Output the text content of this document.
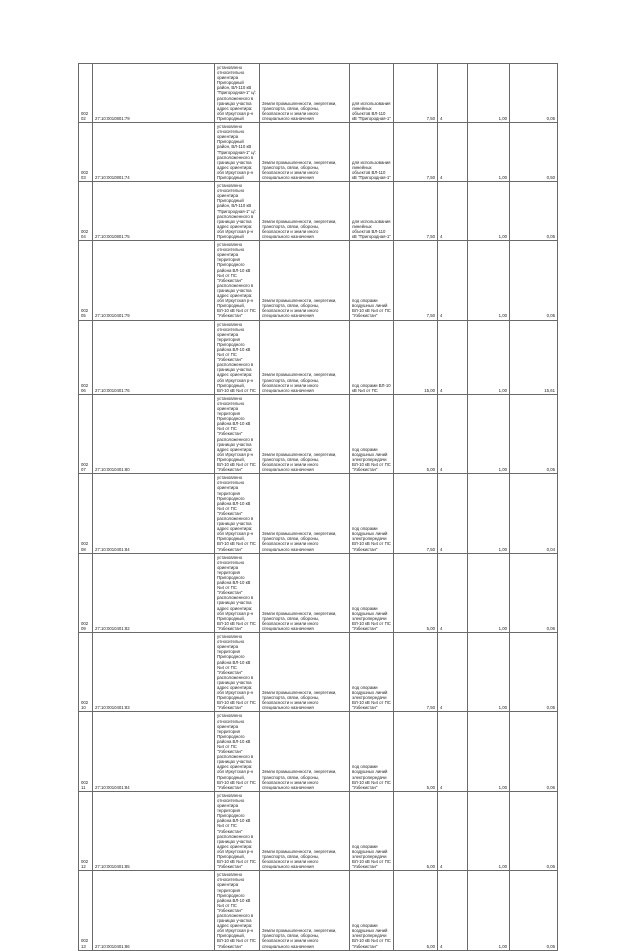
00202	27:10:0010801:79	установлено относительно ориентира Пригородный район, ВЛ-110 кВ "Пригородная-1" ц/: расположенного в границах участка адрес ориентира: обл Иркутская р-н Пригородный	Земли промышленности, энергетики, транспорта, связи, обороны, безопасности и земли иного специального назначения	для использования линейных объектов ВЛ-110 кВ "Пригородная-1"	7,50	4	1,00	0,05
00203	27:10:0010801:74	установлено относительно ориентира Пригородный район, ВЛ-110 кВ "Пригородная-1" ц/: расположенного в границах участка адрес ориентира: обл Иркутская р-н Пригородный	Земли промышленности, энергетики, транспорта, связи, обороны, безопасности и земли иного специального назначения	для использования линейных объектов ВЛ-110 кВ "Пригородная-1"	7,50	4	1,00	0,50
00204	27:10:0010801:75	установлено относительно ориентира Пригородный район, ВЛ-110 кВ "Пригородная-1" ц/: расположенного в границах участка адрес ориентира: обл Иркутская р-н Пригородный	Земли промышленности, энергетики, транспорта, связи, обороны, безопасности и земли иного специального назначения	для использования линейных объектов ВЛ-110 кВ "Пригородная-1"	7,50	4	1,00	0,05
00205	27:10:0010401:79	установлено относительно ориентира территория Пригородного района ВЛ-10 кВ №4 от ПС "Узбекистан" расположенного в границах участка адрес ориентира: обл Иркутская р-н Пригородный, ВЛ-10 кВ №4 от ПС "Узбекистан"	Земли промышленности, энергетики, транспорта, связи, обороны, безопасности и земли иного специального назначения	под опорами воздушных линий ВЛ-10 кВ №4 от ПС "Узбекистан"	7,50	4	1,00	0,05
00206	27:10:0010401:76	установлено относительно ориентира территория Пригородного района ВЛ-10 кВ №4 от ПС "Узбекистан" расположенного в границах участка адрес ориентира: обл Иркутская р-н Пригородный, ВЛ-10 кВ №4 от ПС	Земли промышленности, энергетики, транспорта, связи, обороны, безопасности и земли иного специального назначения	под опорами ВЛ-10 кВ №4 от ПС	15,00	4	1,00	15,61
00207	27:10:0010401:80	установлено относительно ориентира территория Пригородного района ВЛ-10 кВ №4 от ПС "Узбекистан" расположенного в границах участка адрес ориентира: обл Иркутская р-н Пригородный, ВЛ-10 кВ №4 от ПС "Узбекистан"	Земли промышленности, энергетики, транспорта, связи, обороны, безопасности и земли иного специального назначения	под опорами воздушных линий электропередачи ВЛ-10 кВ №4 от ПС "Узбекистан"	5,00	4	1,00	0,05
00208	27:10:0010401:84	установлено относительно ориентира территория Пригородного района ВЛ-10 кВ №4 от ПС "Узбекистан" расположенного в границах участка адрес ориентира: обл Иркутская р-н Пригородный, ВЛ-10 кВ №4 от ПС "Узбекистан"	Земли промышленности, энергетики, транспорта, связи, обороны, безопасности и земли иного специального назначения	под опорами воздушных линий электропередачи ВЛ-10 кВ №4 от ПС "Узбекистан"	7,50	4	1,00	0,04
00209	27:10:0010401:82	установлено относительно ориентира территория Пригородного района ВЛ-10 кВ №4 от ПС "Узбекистан" расположенного в границах участка адрес ориентира: обл Иркутская р-н Пригородный, ВЛ-10 кВ №4 от ПС "Узбекистан"	Земли промышленности, энергетики, транспорта, связи, обороны, безопасности и земли иного специального назначения	под опорами воздушных линий электропередачи ВЛ-10 кВ №4 от ПС "Узбекистан"	5,00	4	1,00	0,06
00210	27:10:0010401:83	установлено относительно ориентира территория Пригородного района ВЛ-10 кВ №4 от ПС "Узбекистан" расположенного в границах участка адрес ориентира: обл Иркутская р-н Пригородный, ВЛ-10 кВ №4 от ПС "Узбекистан"	Земли промышленности, энергетики, транспорта, связи, обороны, безопасности и земли иного специального назначения	под опорами воздушных линий электропередачи ВЛ-10 кВ №4 от ПС "Узбекистан"	7,50	4	1,00	0,05
00211	27:10:0010401:84	установлено относительно ориентира территория Пригородного района ВЛ-10 кВ №4 от ПС "Узбекистан" расположенного в границах участка адрес ориентира: обл Иркутская р-н Пригородный, ВЛ-10 кВ №4 от ПС "Узбекистан"	Земли промышленности, энергетики, транспорта, связи, обороны, безопасности и земли иного специального назначения	под опорами воздушных линий электропередачи ВЛ-10 кВ №4 от ПС "Узбекистан"	5,00	4	1,00	0,06
00212	27:10:0010401:85	установлено относительно ориентира территория Пригородного района ВЛ-10 кВ №4 от ПС "Узбекистан" расположенного в границах участка адрес ориентира: обл Иркутская р-н Пригородный, ВЛ-10 кВ №4 от ПС "Узбекистан"	Земли промышленности, энергетики, транспорта, связи, обороны, безопасности и земли иного специального назначения	под опорами воздушных линий электропередачи ВЛ-10 кВ №4 от ПС "Узбекистан"	5,00	4	1,00	0,06
00213	27:10:0010401:86	установлено относительно ориентира территория Пригородного района ВЛ-10 кВ №4 от ПС "Узбекистан" расположенного в границах участка адрес ориентира: обл Иркутская р-н Пригородный, ВЛ-10 кВ №4 от ПС "Узбекистан"	Земли промышленности, энергетики, транспорта, связи, обороны, безопасности и земли иного специального назначения	под опорами воздушных линий электропередачи ВЛ-10 кВ №4 от ПС "Узбекистан"	5,00	4	1,00	0,05
